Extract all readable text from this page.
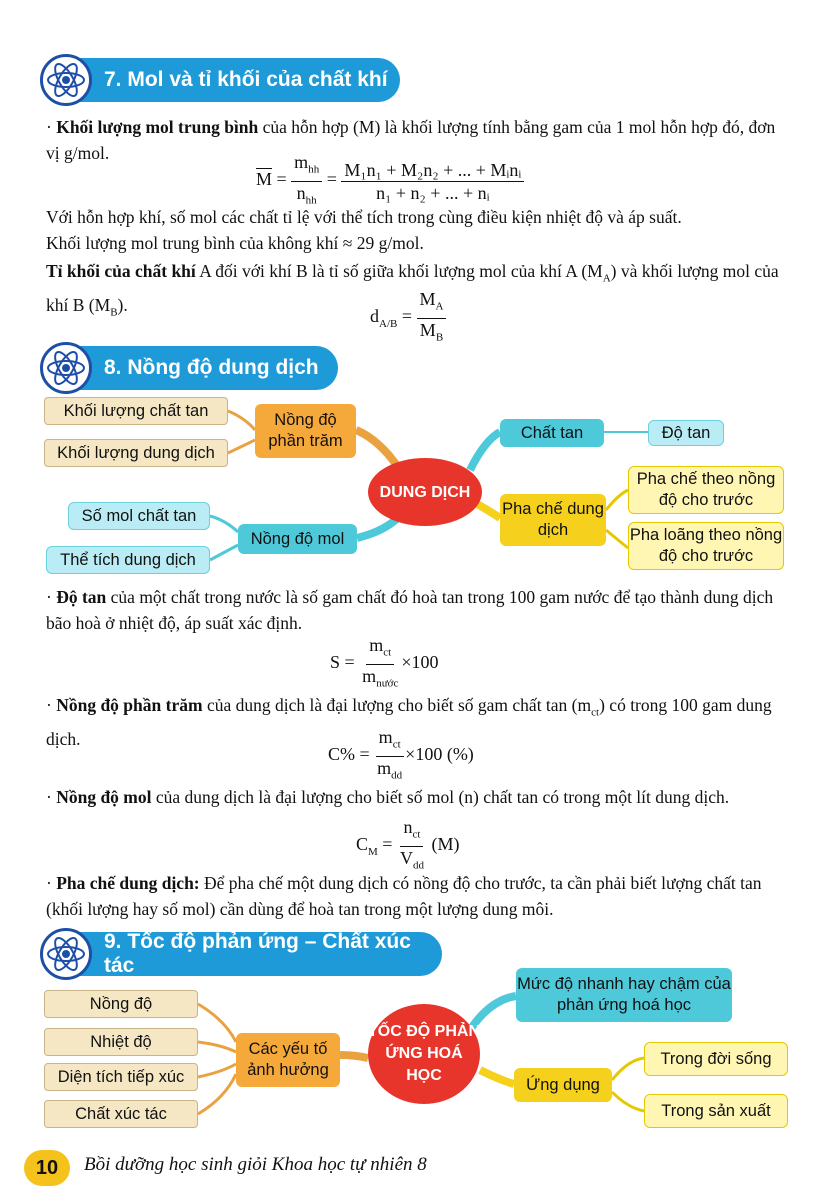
7. Mol và tỉ khối của chất khí
· Khối lượng mol trung bình của hỗn hợp (M) là khối lượng tính bằng gam của 1 mol hỗn hợp đó, đơn vị g/mol.
$\overline{M} = \frac{m_{hh}}{n_{hh}} = \frac{\text{M₁n₁ + M₂n₂ + ... + Mᵢnᵢ}}{\text{n₁ + n₂ + ... + nᵢ}}$
Với hỗn hợp khí, số mol các chất tỉ lệ với thể tích trong cùng điều kiện nhiệt độ và áp suất.
Khối lượng mol trung bình của không khí ≈ 29 g/mol.
Tỉ khối của chất khí A đối với khí B là tỉ số giữa khối lượng mol của khí A $(M_A)$ và khối lượng mol của khí B $(M_B)$.
$d_{A/B} = \frac{M_A}{M_B}$
8. Nồng độ dung dịch
Khối lượng chất tan
Khối lượng dung dịch
Nồng độ phần trăm
Số mol chất tan
Thể tích dung dịch
Nồng độ mol
DUNG DỊCH
Chất tan	Độ tan
Pha chế dung dịch
Pha chế theo nồng độ cho trước
Pha loãng theo nồng độ cho trước
· Độ tan của một chất trong nước là số gam chất đó hoà tan trong 100 gam nước để tạo thành dung dịch bão hoà ở nhiệt độ, áp suất xác định.
$S = \frac{m_{ct}}{m_{nước}} \times 100$
· Nồng độ phần trăm của dung dịch là đại lượng cho biết số gam chất $\tan (m_{ct})$ có trong 100 gam dung dịch.
$C\% = \frac{m_{ct}}{m_{dd}} \times 100$ (%)
· Nồng độ mol của dung dịch là đại lượng cho biết số mol (n) chất tan có trong một lít dung dịch.
$C_M = \frac{n_{ct}}{V_{dd}} (M)$
· Pha chế dung dịch: Để pha chế một dung dịch có nồng độ cho trước, ta cần phải biết lượng chất tan (khối lượng hay số mol) cần dùng để hoà tan trong một lượng dung môi.
9. Tốc độ phản ứng – Chất xúc tác
Nồng độ
Nhiệt độ
Diện tích tiếp xúc
Chất xúc tác
Các yếu tố ảnh hưởng
TỐC ĐỘ PHẢN ỨNG HOÁ HỌC
Mức độ nhanh hay chậm của phản ứng hoá học
Ứng dụng
Trong đời sống
Trong sản xuất
10	Bồi dưỡng học sinh giỏi Khoa học tự nhiên 8
